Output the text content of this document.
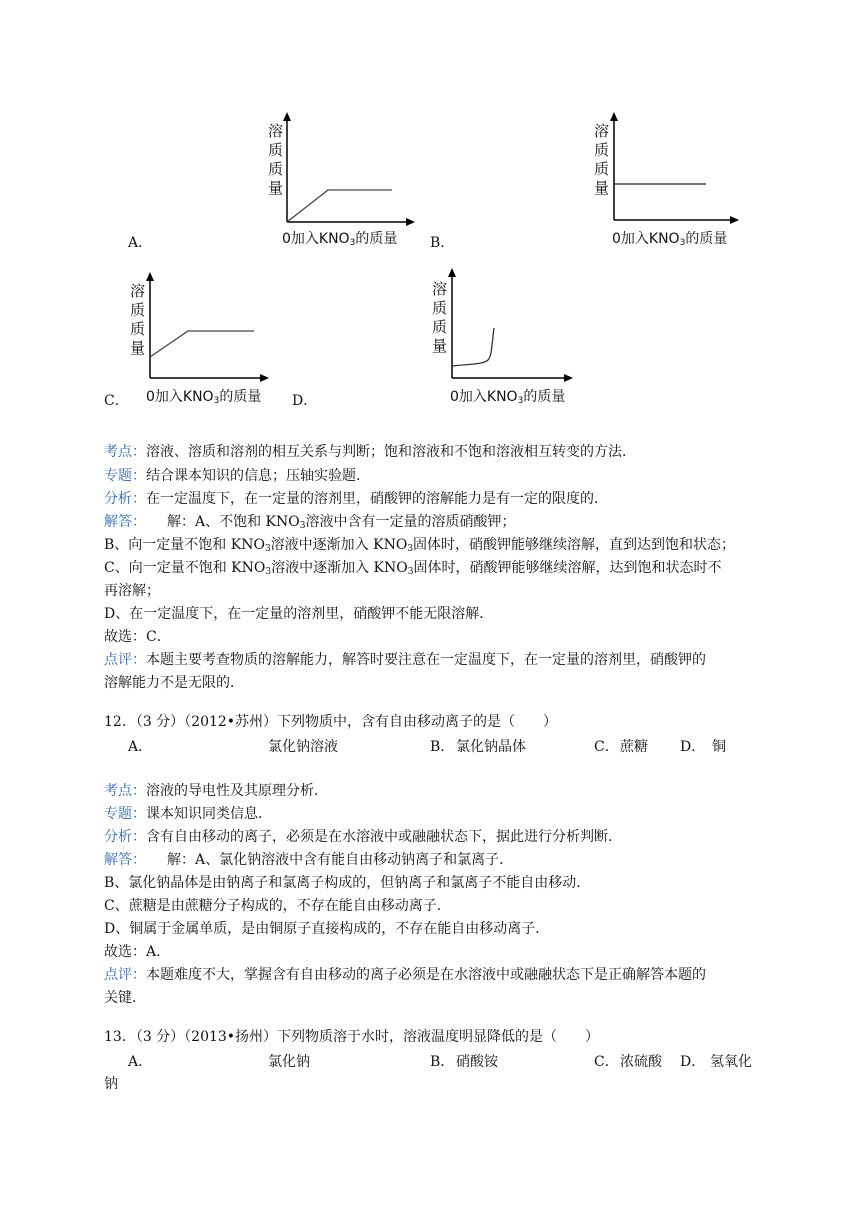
A．
溶
质
质
量
0加入$KNO_3$的质量 B．
溶
质
质
量
0加入$KNO_3$的质量
C．
溶
质
质
量
0加入$KNO_3$的质量 D．
溶
质
质
量
0加入$KNO_3$的质量
考点：溶液、溶质和溶剂的相互关系与判断；饱和溶液和不饱和溶液相互转变的方法．
专题：结合课本知识的信息；压轴实验题．
分析：在一定温度下，在一定量的溶剂里，硝酸钾的溶解能力是有一定的限度的．
解答：　　解：A、不饱和 $KNO_3$溶液中含有一定量的溶质硝酸钾；
B、向一定量不饱和 $KNO_3$溶液中逐渐加入 $KNO_3$固体时，硝酸钾能够继续溶解，直到达到饱和状态；
C、向一定量不饱和 $KNO_3$溶液中逐渐加入 $KNO_3$固体时，硝酸钾能够继续溶解，达到饱和状态时不
再溶解；
D、在一定温度下，在一定量的溶剂里，硝酸钾不能无限溶解．
故选：C．
点评：本题主要考查物质的溶解能力，解答时要注意在一定温度下，在一定量的溶剂里，硝酸钾的
溶解能力不是无限的．
12．（3 分）（2012•苏州）下列物质中，含有自由移动离子的是（　　）
A．	氯化钠溶液	B． 氯化钠晶体	C． 蔗糖 D． 铜
考点：溶液的导电性及其原理分析．
专题：课本知识同类信息．
分析：含有自由移动的离子，必须是在水溶液中或融融状态下，据此进行分析判断．
解答：　　解：A、氯化钠溶液中含有能自由移动钠离子和氯离子．
B、氯化钠晶体是由钠离子和氯离子构成的，但钠离子和氯离子不能自由移动．
C、蔗糖是由蔗糖分子构成的，不存在能自由移动离子．
D、铜属于金属单质，是由铜原子直接构成的，不存在能自由移动离子．
故选：A．
点评：本题难度不大，掌握含有自由移动的离子必须是在水溶液中或融融状态下是正确解答本题的
关键．
13．（3 分）（2013•扬州）下列物质溶于水时，溶液温度明显降低的是（　　）
A．	氯化钠	B． 硝酸铵	C． 浓硫酸 D． 氢氧化
钠
